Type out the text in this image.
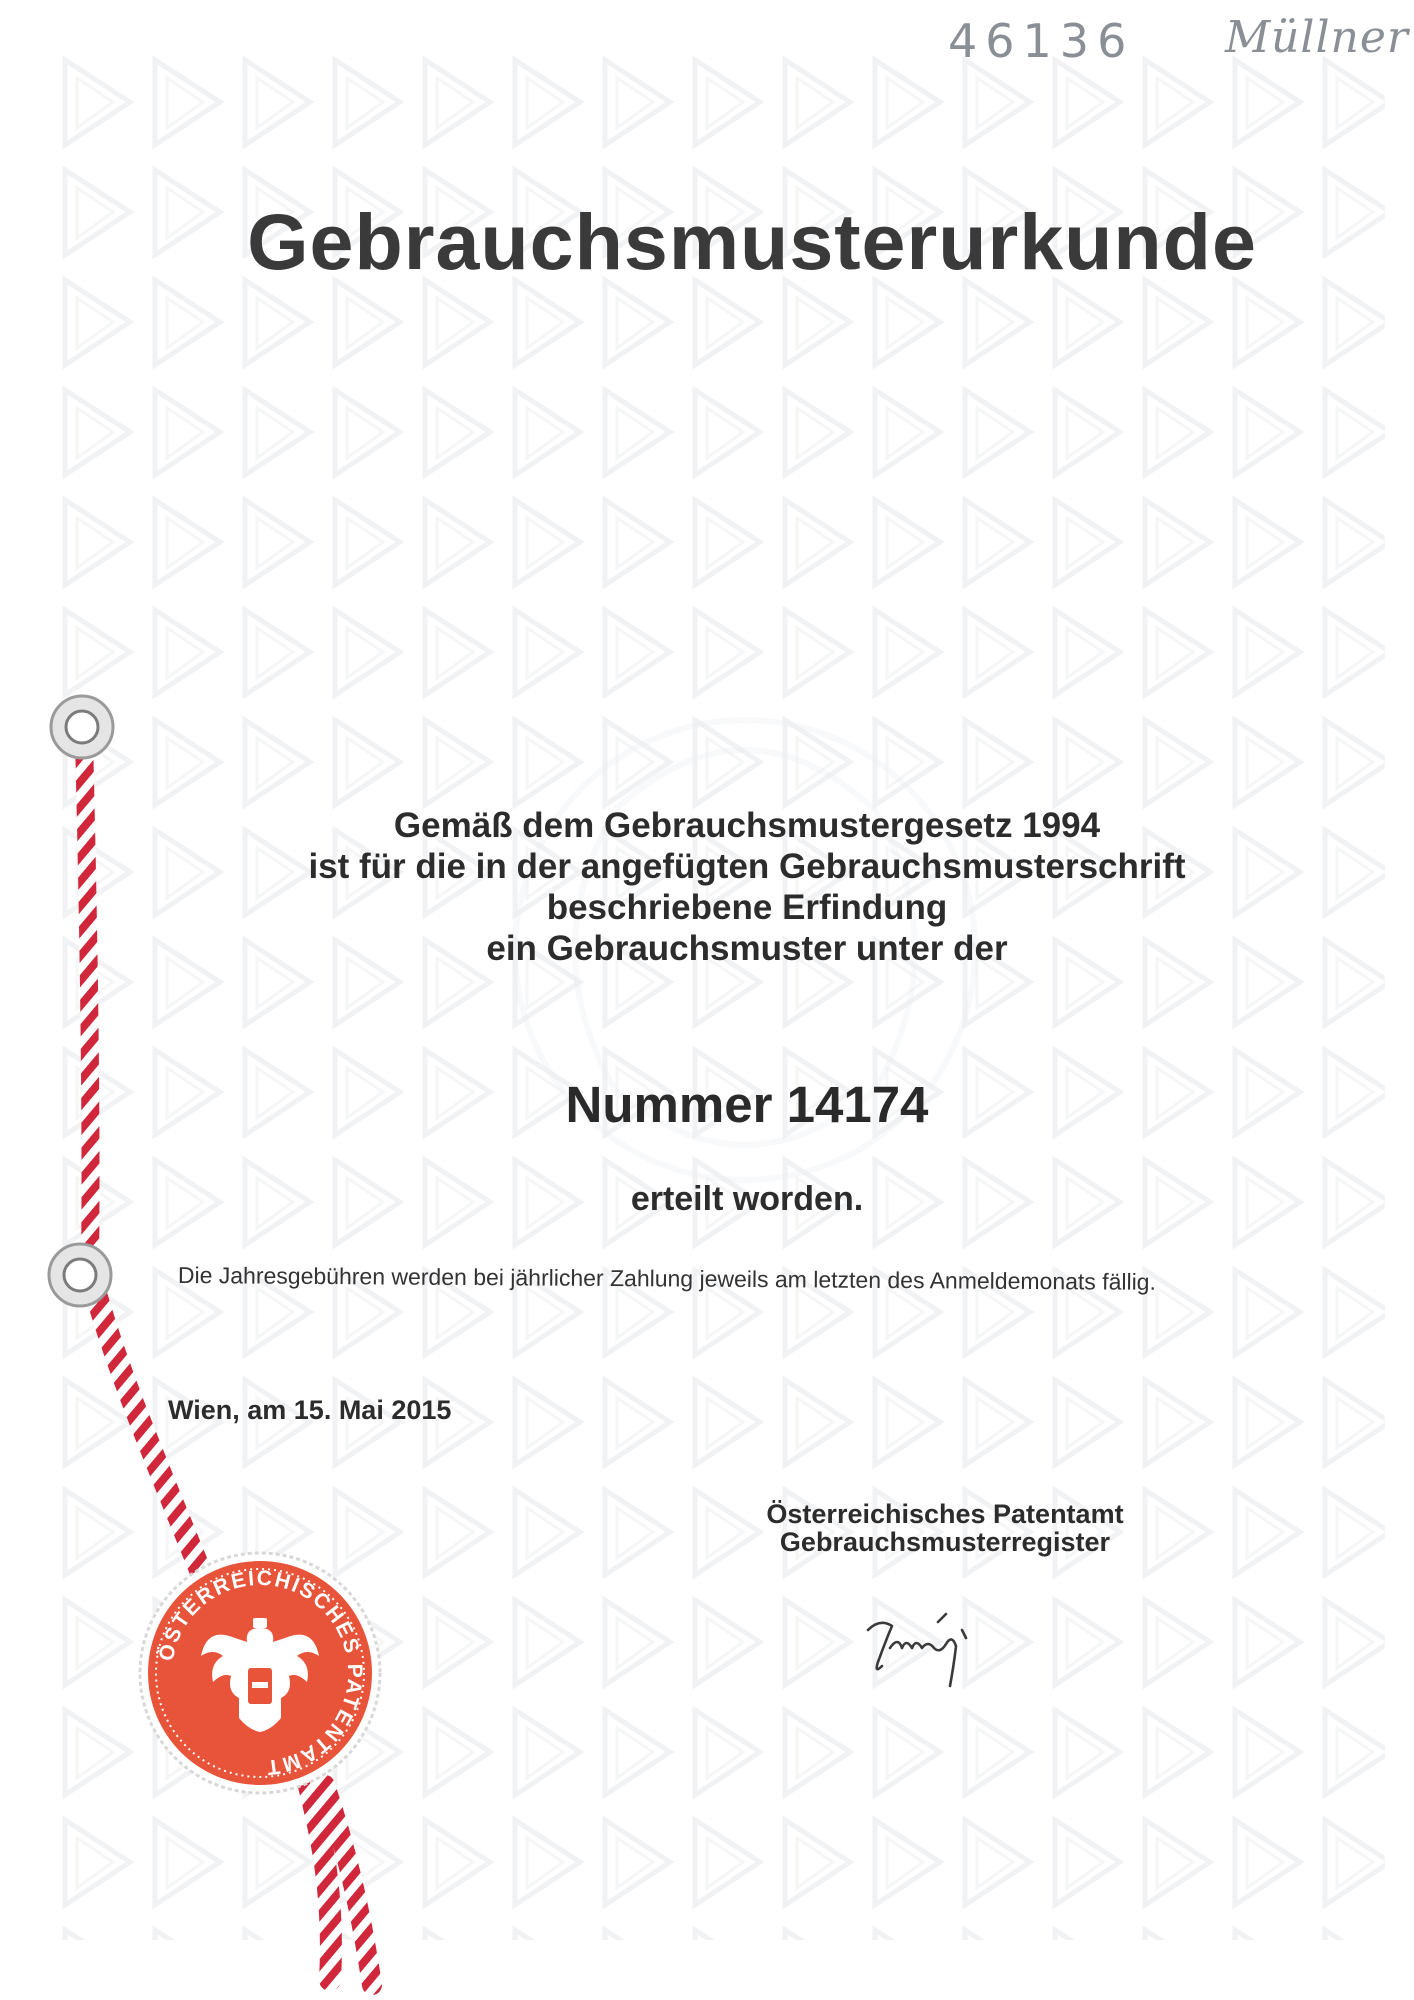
46136 Müllner
Gebrauchsmusterurkunde
Gemäß dem Gebrauchsmustergesetz 1994
ist für die in der angefügten Gebrauchsmusterschrift
beschriebene Erfindung
ein Gebrauchsmuster unter der
Nummer 14174
erteilt worden.
Die Jahresgebühren werden bei jährlicher Zahlung jeweils am letzten des Anmeldemonats fällig.
Wien, am 15. Mai 2015
Österreichisches Patentamt
Gebrauchsmusterregister
ÖSTERREICHISCHES PATENTAMT
